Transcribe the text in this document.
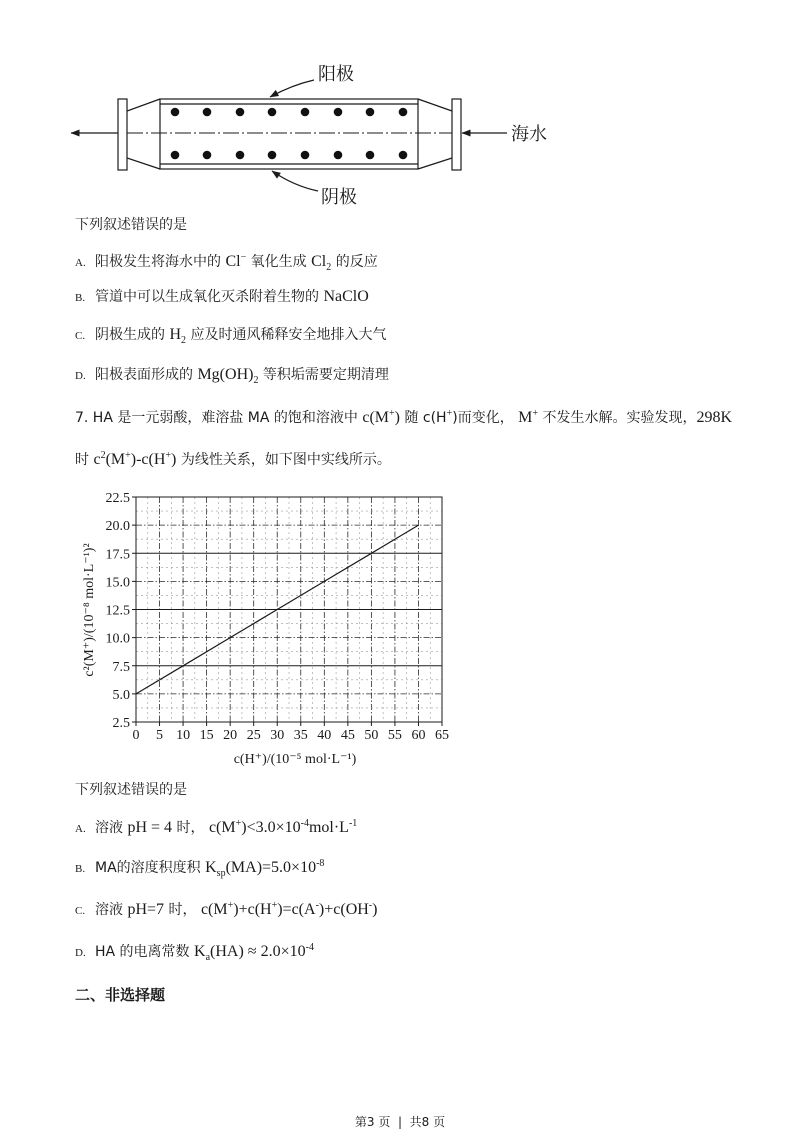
阳极
海水
阴极
下列叙述错误的是
A. 阳极发生将海水中的 Cl− 氧化生成 $Cl_2$ 的反应
B. 管道中可以生成氧化灭杀附着生物的 NaClO
C. 阴极生成的 $H_2$ 应及时通风稀释安全地排入大气
D. 阳极表面形成的 $Mg(OH)_2$ 等积垢需要定期清理
7. HA 是一元弱酸，难溶盐 MA 的饱和溶液中 c(M+) 随 c(H+)而变化， M+ 不发生水解。实验发现， 298K
时 $c^2(M^+)-c(H^+)$ 为线性关系，如下图中实线所示。
0 5 10 15 20 25 30 35 40 45 50 55 60 65
2.5
5.0
7.5
10.0
12.5
15.0
17.5
20.0
22.5
c(H⁺)/(10⁻⁵ mol·L⁻¹)
c²(M⁺)/(10⁻⁸ mol·L⁻¹)²
下列叙述错误的是
A. 溶液 pH = 4 时， $c(M^+)<3.0\times 10^{-4}mol\cdot L^{-1}$
B. MA的溶度积度积 $K_{sp}(MA)=5.0\times 10^{-8}$
C. 溶液 pH=7 时， c(M+)+c(H+)=c(A-)+c(OH-)
D. HA 的电离常数 $K_a(HA) \approx 2.0\times 10^{-4}$
二、非选择题
第3 页  |  共8 页
